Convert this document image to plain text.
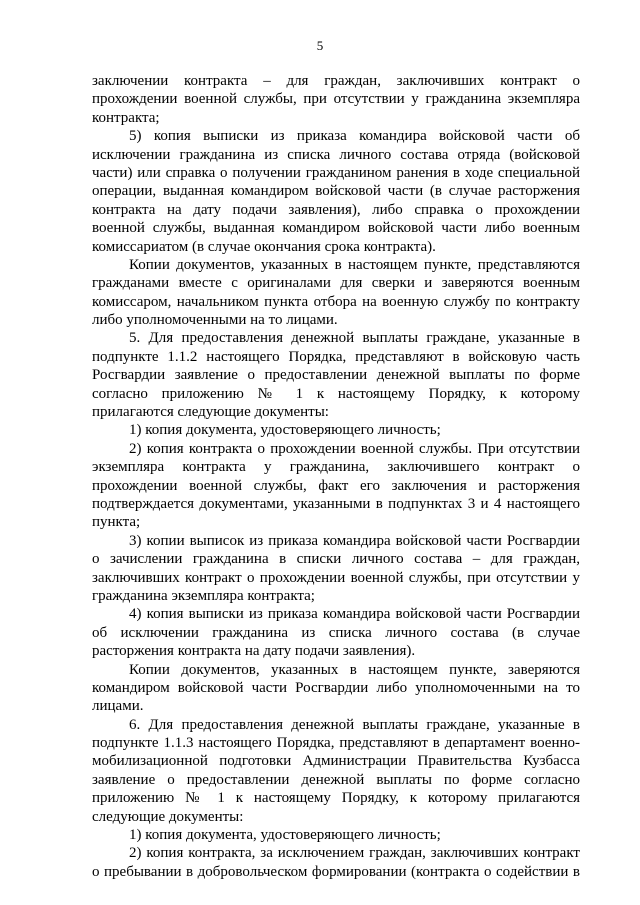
5
заключении контракта – для граждан, заключивших контракт о
прохождении военной службы, при отсутствии у гражданина экземпляра
контракта;
5) копия выписки из приказа командира войсковой части об
исключении гражданина из списка личного состава отряда (войсковой
части) или справка о получении гражданином ранения в ходе специальной
операции, выданная командиром войсковой части (в случае расторжения
контракта на дату подачи заявления), либо справка о прохождении
военной службы, выданная командиром войсковой части либо военным
комиссариатом (в случае окончания срока контракта).
Копии документов, указанных в настоящем пункте, представляются
гражданами вместе с оригиналами для сверки и заверяются военным
комиссаром, начальником пункта отбора на военную службу по контракту
либо уполномоченными на то лицами.
5. Для предоставления денежной выплаты гражданe, указанные в
подпункте 1.1.2 настоящего Порядка, представляют в войсковую часть
Росгвардии заявление о предоставлении денежной выплаты по форме
согласно приложению № 1 к настоящему Порядку, к которому
прилагаются следующие документы:
1) копия документа, удостоверяющего личность;
2) копия контракта о прохождении военной службы. При отсутствии
экземпляра контракта у гражданина, заключившего контракт о
прохождении военной службы, факт его заключения и расторжения
подтверждается документами, указанными в подпунктах 3 и 4 настоящего
пункта;
3) копии выписок из приказа командира войсковой части Росгвардии
о зачислении гражданина в списки личного состава – для граждан,
заключивших контракт о прохождении военной службы, при отсутствии у
гражданина экземпляра контракта;
4) копия выписки из приказа командира войсковой части Росгвардии
об исключении гражданина из списка личного состава (в случае
расторжения контракта на дату подачи заявления).
Копии документов, указанных в настоящем пункте, заверяются
командиром войсковой части Росгвардии либо уполномоченными на то
лицами.
6. Для предоставления денежной выплаты граждане, указанные в
подпункте 1.1.3 настоящего Порядка, представляют в департамент военно-
мобилизационной подготовки Администрации Правительства Кузбасса
заявление о предоставлении денежной выплаты по форме согласно
приложению № 1 к настоящему Порядку, к которому прилагаются
следующие документы:
1) копия документа, удостоверяющего личность;
2) копия контракта, за исключением граждан, заключивших контракт
о пребывании в добровольческом формировании (контракта о содействии в
